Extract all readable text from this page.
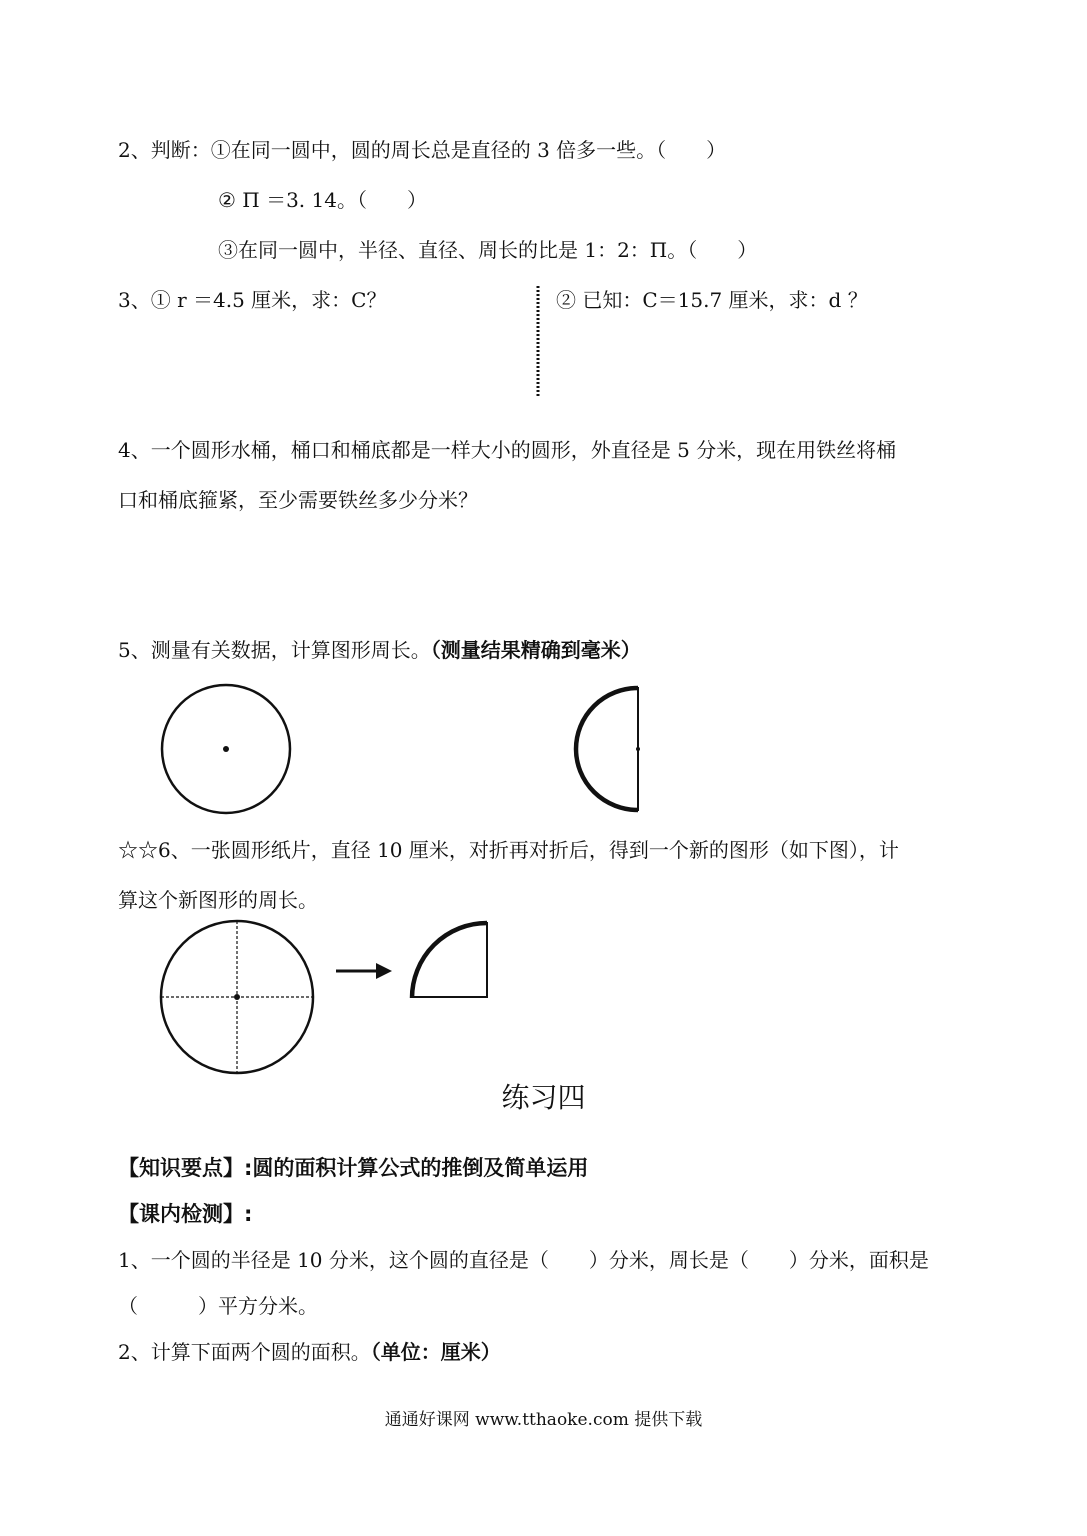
2、判断：①在同一圆中，圆的周长总是直径的 3 倍多一些。（　　）
② Π ＝3. 14。（　　）
③在同一圆中，半径、直径、周长的比是 1：2：Π。（　　）
3、① r ＝4.5 厘米，求：C？	② 已知：C＝15.7 厘米，求：d ？
4、一个圆形水桶，桶口和桶底都是一样大小的圆形，外直径是 5 分米，现在用铁丝将桶
口和桶底箍紧，至少需要铁丝多少分米？
5、测量有关数据，计算图形周长。（测量结果精确到毫米）
☆☆6、一张圆形纸片，直径 10 厘米，对折再对折后，得到一个新的图形（如下图），计
算这个新图形的周长。
练习四
【知识要点】:圆的面积计算公式的推倒及简单运用
【课内检测】:
1、一个圆的半径是 10 分米，这个圆的直径是（　　）分米，周长是（　　）分米，面积是
（　　　）平方分米。
2、计算下面两个圆的面积。（单位：厘米）
通通好课网 www.tthaoke.com 提供下载
